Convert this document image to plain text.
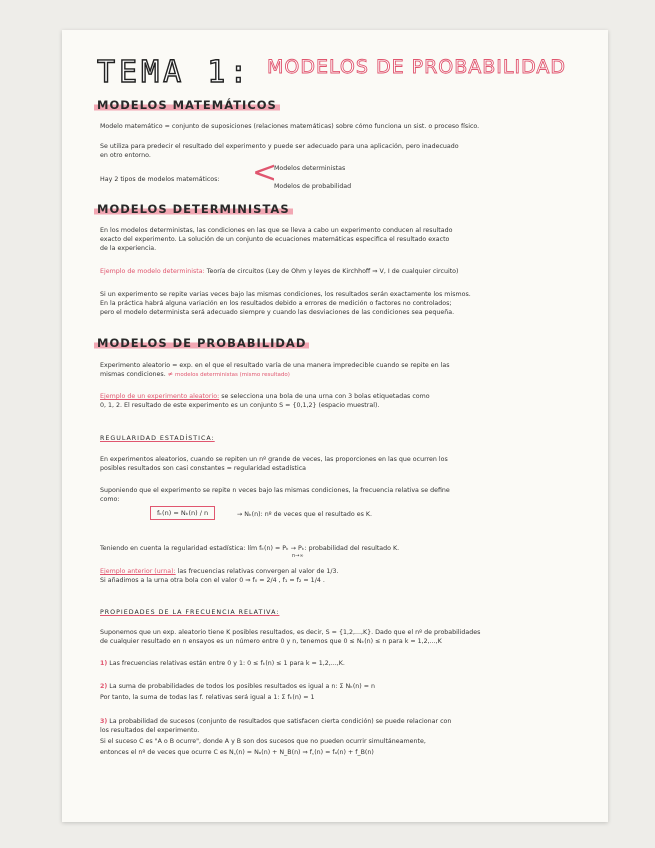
TEMA 1: MODELOS DE PROBABILIDAD
MODELOS MATEMÁTICOS
Modelo matemático = conjunto de suposiciones (relaciones matemáticas) sobre cómo funciona un sist. o proceso físico.
Se utiliza para predecir el resultado del experimento y puede ser adecuado para una aplicación, pero inadecuado
en otro entorno.
Hay 2 tipos de modelos matemáticos: <
Modelos deterministas
Modelos de probabilidad
MODELOS DETERMINISTAS
En los modelos deterministas, las condiciones en las que se lleva a cabo un experimento conducen al resultado
exacto del experimento. La solución de un conjunto de ecuaciones matemáticas especifica el resultado exacto
de la experiencia.
Ejemplo de modelo determinista: Teoría de circuitos (Ley de Ohm y leyes de Kirchhoff ⇒ V, I de cualquier circuito)
Si un experimento se repite varias veces bajo las mismas condiciones, los resultados serán exactamente los mismos.
En la práctica habrá alguna variación en los resultados debido a errores de medición o factores no controlados;
pero el modelo determinista será adecuado siempre y cuando las desviaciones de las condiciones sea pequeña.
MODELOS DE PROBABILIDAD
Experimento aleatorio = exp. en el que el resultado varía de una manera impredecible cuando se repite en las
mismas condiciones. ≠ modelos deterministas (mismo resultado)
Ejemplo de un experimento aleatorio: se selecciona una bola de una urna con 3 bolas etiquetadas como
0, 1, 2. El resultado de este experimento es un conjunto S = {0,1,2} (espacio muestral).
REGULARIDAD ESTADÍSTICA:
En experimentos aleatorios, cuando se repiten un nº grande de veces, las proporciones en las que ocurren los
posibles resultados son casi constantes = regularidad estadística
Suponiendo que el experimento se repite n veces bajo las mismas condiciones, la frecuencia relativa se define
como:
fₖ(n) = Nₖ(n) / n	→ Nₖ(n): nº de veces que el resultado es K.
Teniendo en cuenta la regularidad estadística: lím fₖ(n) = Pₖ → Pₖ: probabilidad del resultado K.
n→∞
Ejemplo anterior (urna): las frecuencias relativas convergen al valor de 1/3.
Si añadimos a la urna otra bola con el valor 0 ⇒ f₀ = 2/4 , f₁ = f₂ = 1/4 .
PROPIEDADES DE LA FRECUENCIA RELATIVA:
Suponemos que un exp. aleatorio tiene K posibles resultados, es decir, S = {1,2,...,K}. Dado que el nº de probabilidades
de cualquier resultado en n ensayos es un número entre 0 y n, tenemos que 0 ≤ Nₖ(n) ≤ n para k = 1,2,...,K
1) Las frecuencias relativas están entre 0 y 1: 0 ≤ fₖ(n) ≤ 1 para k = 1,2,...,K.
2) La suma de probabilidades de todos los posibles resultados es igual a n: Σ Nₖ(n) = n
Por tanto, la suma de todas las f. relativas será igual a 1: Σ fₖ(n) = 1
3) La probabilidad de sucesos (conjunto de resultados que satisfacen cierta condición) se puede relacionar con
los resultados del experimento.
Si el suceso C es "A o B ocurre", donde A y B son dos sucesos que no pueden ocurrir simultáneamente,
entonces el nº de veces que ocurre C es N꜀(n) = Nₐ(n) + N_B(n) ⇒ f꜀(n) = fₐ(n) + f_B(n)
